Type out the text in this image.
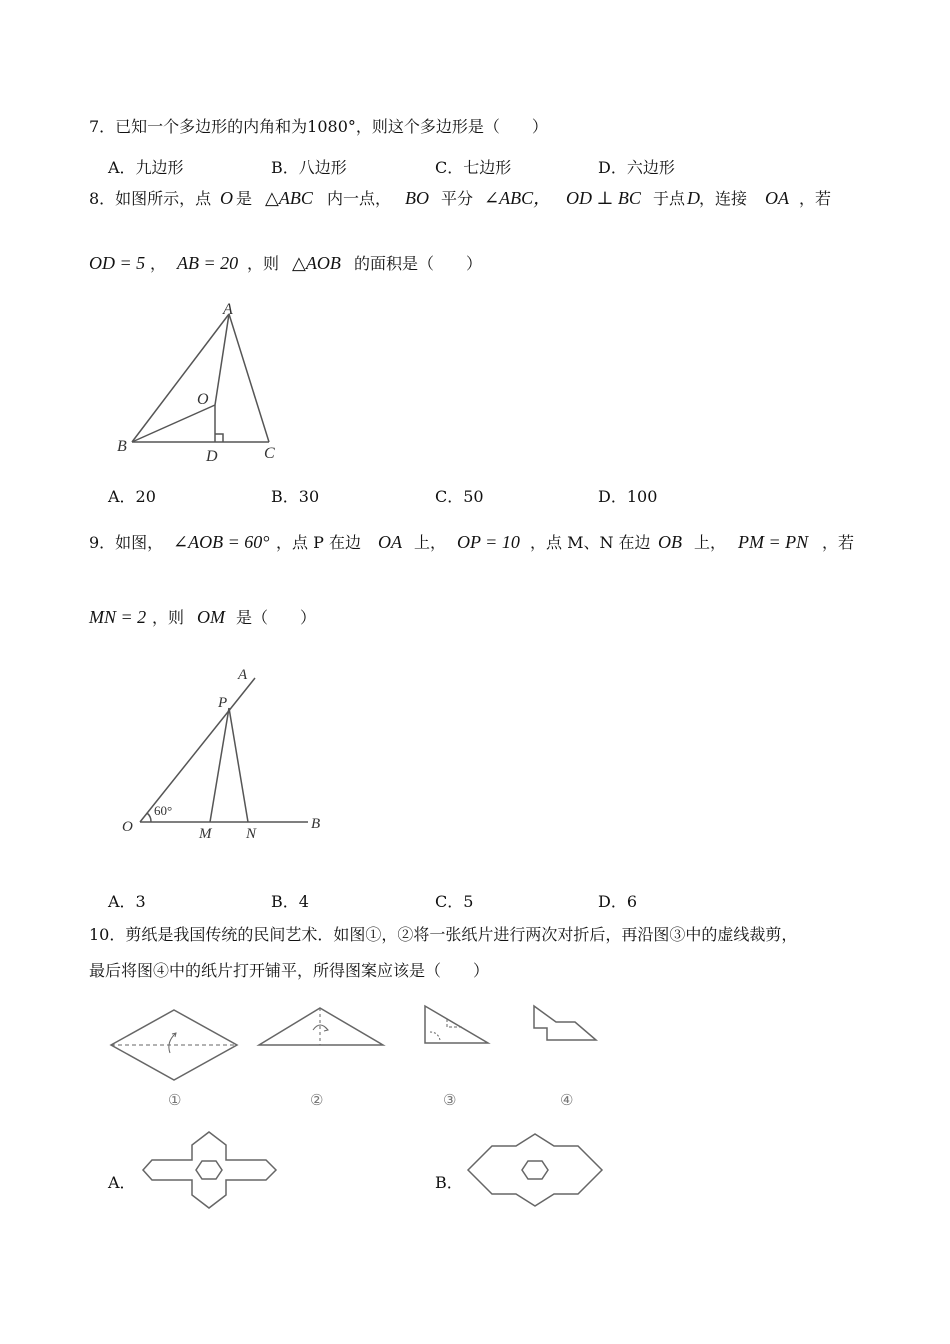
7．已知一个多边形的内角和为1080°，则这个多边形是（　　）
A．九边形	B．八边形	C．七边形	D．六边形
8．如图所示，点 O 是 △ABC 内一点， BO 平分 ∠ABC， OD ⊥ BC 于点 D ，连接 OA ，若
OD = 5 ， AB = 20 ，则 △AOB 的面积是（　　）
A
O
B
D	C
A．20	B．30	C．50	D．100
9．如图， ∠AOB = 60° ，点 P 在边 OA 上， OP = 10 ，点 M、N 在边 OB 上， PM = PN ，若
MN = 2 ，则 OM 是（　　）
A
P
O	M N
B
60°
A．3	B．4	C．5	D．6
10．剪纸是我国传统的民间艺术．如图①，②将一张纸片进行两次对折后，再沿图③中的虚线裁剪，
最后将图④中的纸片打开铺平，所得图案应该是（　　）
①	②	③	④
A．	B．
